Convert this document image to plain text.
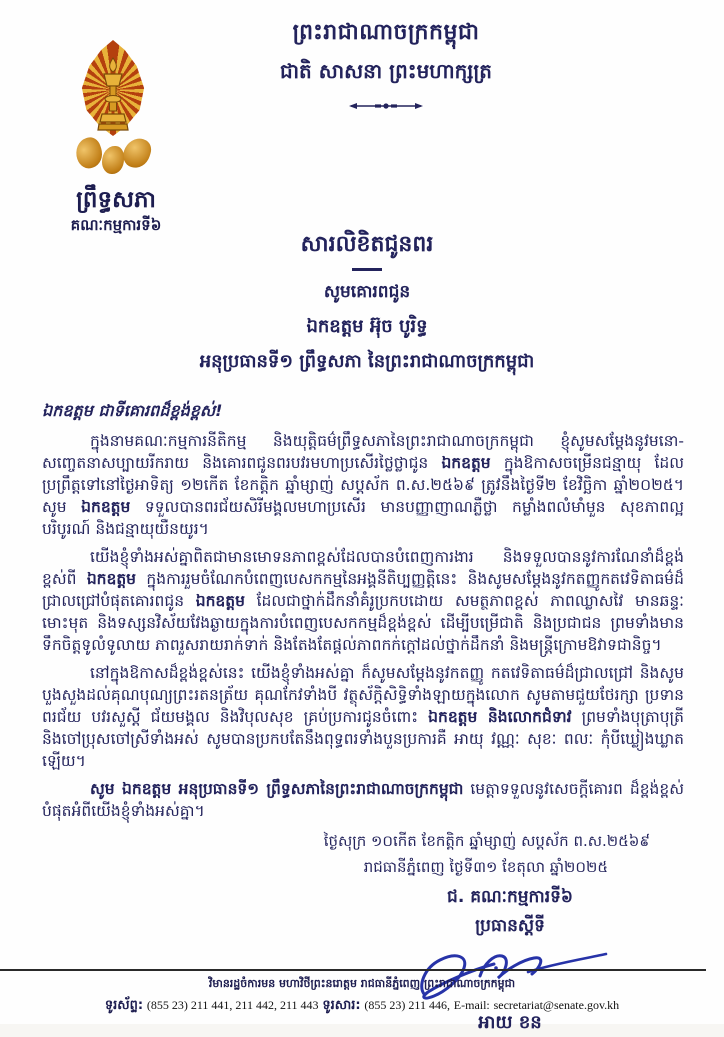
ព្រឹទ្ធសភា
គណៈកម្មការទី៦
ព្រះរាជាណាចក្រកម្ពុជា
ជាតិ សាសនា ព្រះមហាក្សត្រ
សារលិខិតជូនពរ
សូមគោរពជូន
ឯកឧត្តម អ៊ុច បូរិទ្ធ
អនុប្រធានទី១ ព្រឹទ្ធសភា នៃព្រះរាជាណាចក្រកម្ពុជា
ឯកឧត្តម ជាទីគោរពដ៏ខ្ពង់ខ្ពស់!

ក្នុងនាមគណៈកម្មការនីតិកម្ម និងយុត្តិធម៌ព្រឹទ្ធសភានៃព្រះរាជាណាចក្រកម្ពុជា ខ្ញុំសូមសម្តែងនូវមនោ-សញ្ចេតនាសប្បាយរីករាយ និងគោរពជូនពរបវរមហាប្រសើរថ្លៃថ្លាជូន ឯកឧត្តម ក្នុងឱកាសចម្រើនជន្មាយុ ដែលប្រព្រឹត្តទៅនៅថ្ងៃអាទិត្យ ១២កើត ខែកត្តិក ឆ្នាំម្សាញ់ សប្តស័ក ព.ស.២៥៦៩ ត្រូវនឹងថ្ងៃទី២ ខែវិច្ឆិកា ឆ្នាំ២០២៥។ សូម ឯកឧត្តម ទទួលបានពរជ័យសិរីមង្គលមហាប្រសើរ មានបញ្ញាញាណភ្លឺថ្លា កម្លាំងពលំមាំមួន សុខភាពល្អបរិបូរណ៍ និងជន្មាយុយឺនយូរ។

យើងខ្ញុំទាំងអស់គ្នាពិតជាមានមោទនភាពខ្ពស់ដែលបានបំពេញការងារ និងទទួលបាននូវការណែនាំដ៏ខ្ពង់ខ្ពស់ពី ឯកឧត្តម ក្នុងការរួមចំណែកបំពេញបេសកកម្មនៃអង្គនីតិប្បញ្ញត្តិនេះ និងសូមសម្តែងនូវកតញ្ញូកតវេទិតាធម៌ដ៏ជ្រាលជ្រៅបំផុតគោរពជូន ឯកឧត្តម ដែលជាថ្នាក់ដឹកនាំគំរូប្រកបដោយ សមត្ថភាពខ្ពស់ ភាពឈ្លាសវៃ មានឆន្ទៈមោះមុត និងទស្សនវិស័យវែងឆ្ងាយក្នុងការបំពេញបេសកកម្មដ៏ខ្ពង់ខ្ពស់ ដើម្បីបម្រើជាតិ និងប្រជាជន ព្រមទាំងមានទឹកចិត្តទូលំទូលាយ ភាពរួសរាយរាក់ទាក់ និងតែងតែផ្តល់ភាពកក់ក្តៅដល់ថ្នាក់ដឹកនាំ និងមន្ត្រីក្រោមឱវាទជានិច្ច។

នៅក្នុងឱកាសដ៏ខ្ពង់ខ្ពស់នេះ យើងខ្ញុំទាំងអស់គ្នា ក៏សូមសម្តែងនូវកតញ្ញូ កតវេទិតាធម៌ដ៏ជ្រាលជ្រៅ និងសូមបួងសួងដល់គុណបុណ្យព្រះរតនត្រ័យ គុណកែវទាំងបី វត្ថុស័ក្តិសិទ្ធិទាំងឡាយក្នុងលោក សូមតាមជួយថែរក្សា ប្រទានពរជ័យ បវរសួស្តី ជ័យមង្គល និងវិបុលសុខ គ្រប់ប្រការជូនចំពោះ ឯកឧត្តម និងលោកជំទាវ ព្រមទាំងបុត្រាបុត្រី និងចៅប្រុសចៅស្រីទាំងអស់ សូមបានប្រកបតែនឹងពុទ្ធពរទាំងបួនប្រការគឺ អាយុ វណ្ណៈ សុខៈ ពលៈ កុំបីឃ្លៀងឃ្លាតឡើយ។

សូម ឯកឧត្តម អនុប្រធានទី១ ព្រឹទ្ធសភានៃព្រះរាជាណាចក្រកម្ពុជា មេត្តាទទួលនូវសេចក្តីគោរព ដ៏ខ្ពង់ខ្ពស់បំផុតអំពីយើងខ្ញុំទាំងអស់គ្នា។

ថ្ងៃសុក្រ ១០កើត ខែកត្តិក ឆ្នាំម្សាញ់ សប្តស័ក ព.ស.២៥៦៩
រាជធានីភ្នំពេញ ថ្ងៃទី៣១ ខែតុលា ឆ្នាំ២០២៥
ជ. គណៈកម្មការទី៦
ប្រធានស្តីទី
អាយ ខន
វិមានរដ្ឋចំការមន មហាវិថីព្រះនរោត្តម រាជធានីភ្នំពេញ ព្រះរាជាណាចក្រកម្ពុជា
ទូរស័ព្ទ: (855 23) 211 441, 211 442, 211 443 ទូរសារ: (855 23) 211 446, E-mail: secretariat@senate.gov.kh
